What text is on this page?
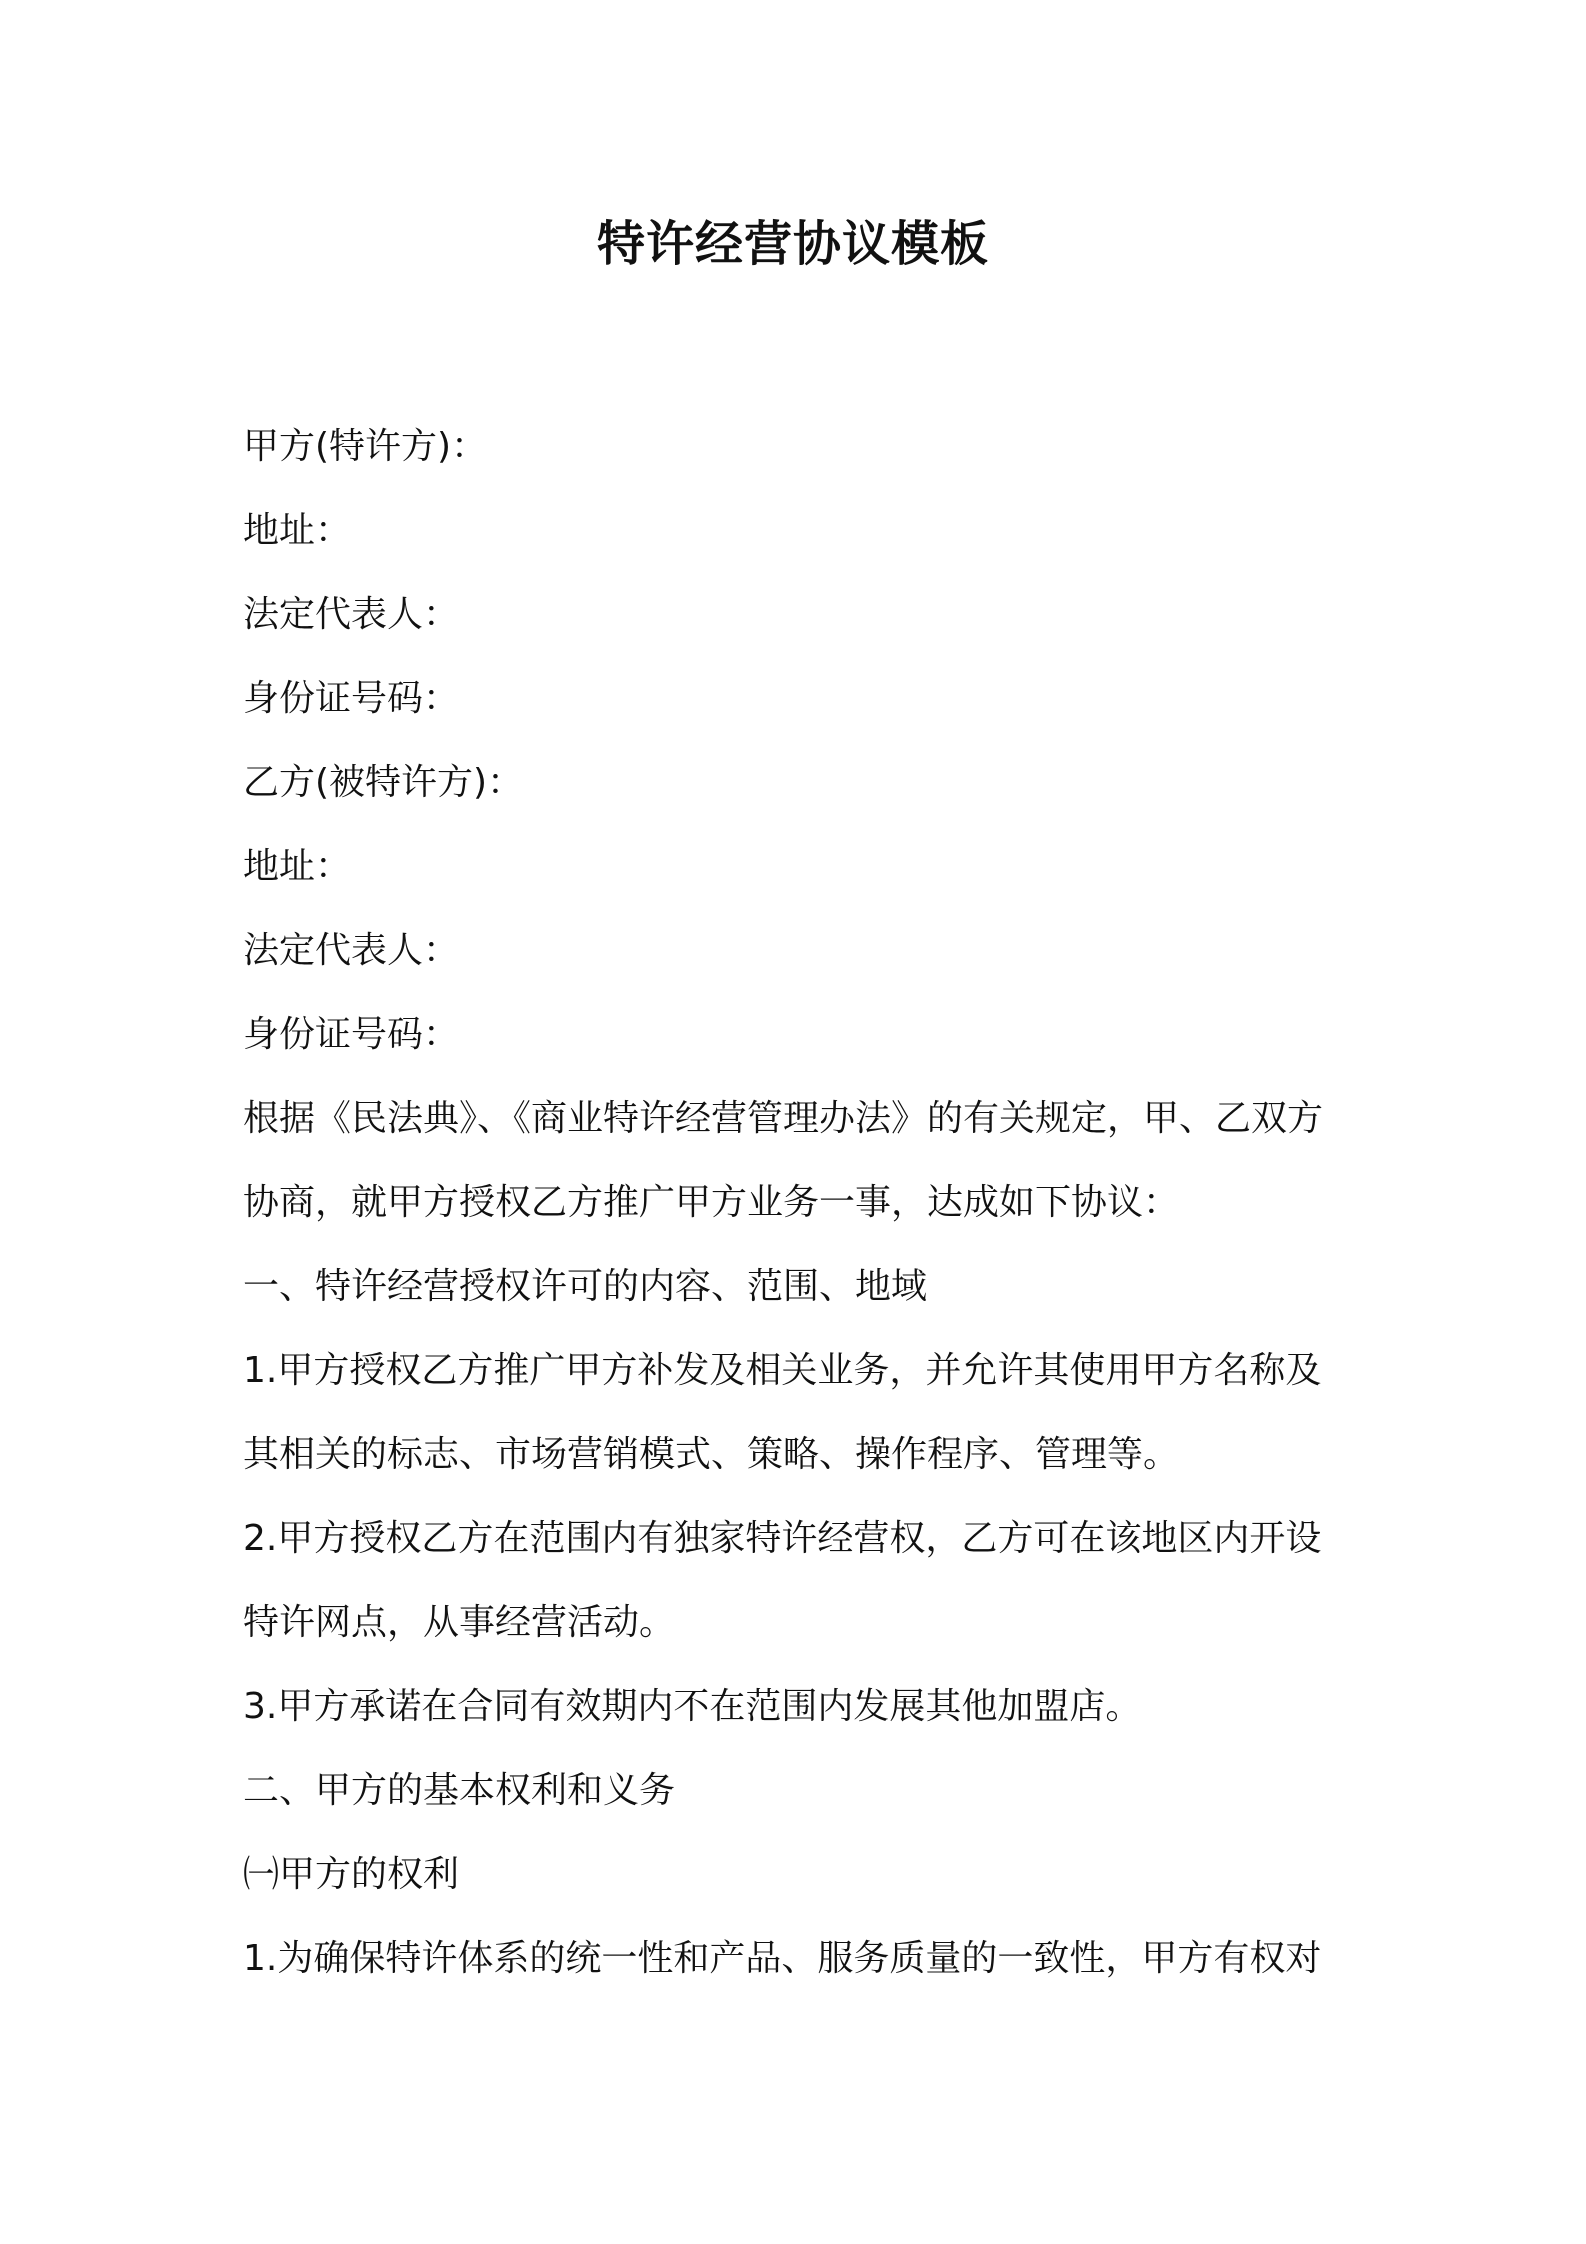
特许经营协议模板
甲方(特许方)：
地址：
法定代表人：
身份证号码：
乙方(被特许方)：
地址：
法定代表人：
身份证号码：
根据《民法典》、《商业特许经营管理办法》的有关规定，甲、乙双方
协商，就甲方授权乙方推广甲方业务一事，达成如下协议：
一、特许经营授权许可的内容、范围、地域
1.甲方授权乙方推广甲方补发及相关业务，并允许其使用甲方名称及
其相关的标志、市场营销模式、策略、操作程序、管理等。
2.甲方授权乙方在范围内有独家特许经营权，乙方可在该地区内开设
特许网点，从事经营活动。
3.甲方承诺在合同有效期内不在范围内发展其他加盟店。
二、甲方的基本权利和义务
㈠甲方的权利
1.为确保特许体系的统一性和产品、服务质量的一致性，甲方有权对
